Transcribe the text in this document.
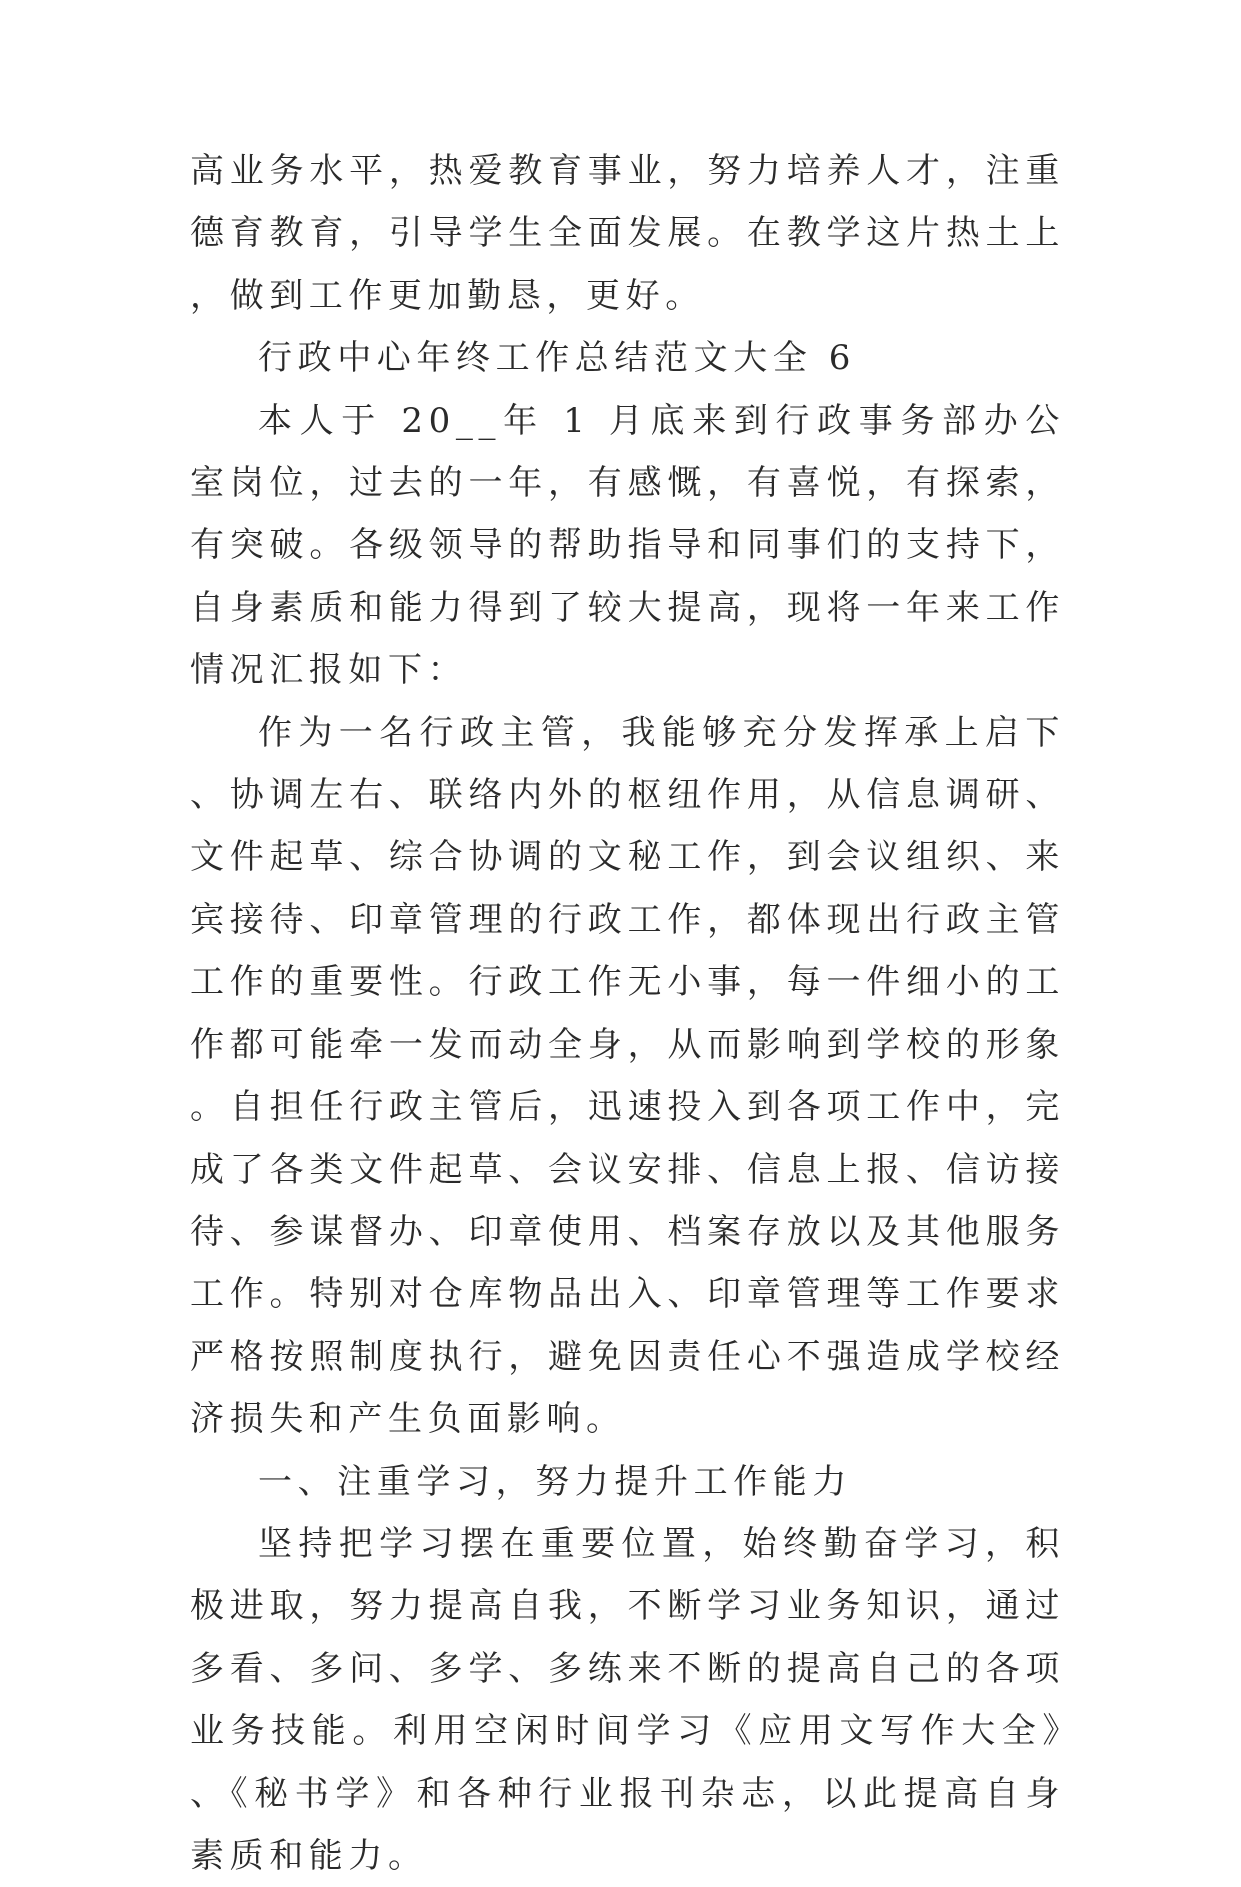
高业务水平，热爱教育事业，努力培养人才，注重德育教育，引导学生全面发展。在教学这片热土上，做到工作更加勤恳，更好。

行政中心年终工作总结范文大全 6

本人于 20__年 1 月底来到行政事务部办公室岗位，过去的一年，有感慨，有喜悦，有探索，有突破。各级领导的帮助指导和同事们的支持下，自身素质和能力得到了较大提高，现将一年来工作情况汇报如下：

作为一名行政主管，我能够充分发挥承上启下、协调左右、联络内外的枢纽作用，从信息调研、文件起草、综合协调的文秘工作，到会议组织、来宾接待、印章管理的行政工作，都体现出行政主管工作的重要性。行政工作无小事，每一件细小的工作都可能牵一发而动全身，从而影响到学校的形象。自担任行政主管后，迅速投入到各项工作中，完成了各类文件起草、会议安排、信息上报、信访接待、参谋督办、印章使用、档案存放以及其他服务工作。特别对仓库物品出入、印章管理等工作要求严格按照制度执行，避免因责任心不强造成学校经济损失和产生负面影响。

一、注重学习，努力提升工作能力

坚持把学习摆在重要位置，始终勤奋学习，积极进取，努力提高自我，不断学习业务知识，通过多看、多问、多学、多练来不断的提高自己的各项业务技能。利用空闲时间学习《应用文写作大全》、《秘书学》和各种行业报刊杂志，以此提高自身素质和能力。
